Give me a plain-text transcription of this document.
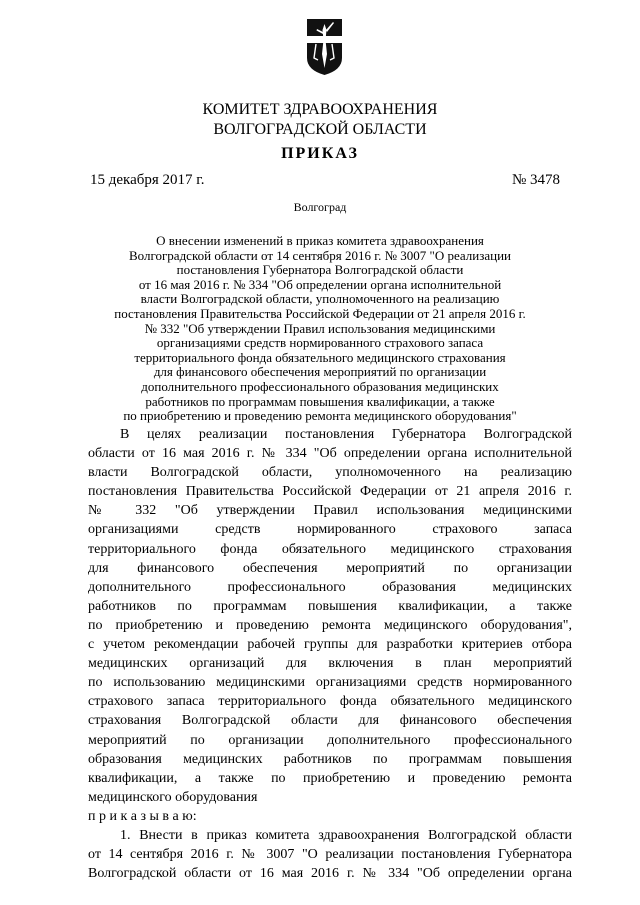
КОМИТЕТ ЗДРАВООХРАНЕНИЯ
ВОЛГОГРАДСКОЙ ОБЛАСТИ
ПРИКАЗ
15 декабря 2017 г.	№ 3478
Волгоград
О внесении изменений в приказ комитета здравоохранения
Волгоградской области от 14 сентября 2016 г. № 3007 "О реализации
постановления Губернатора Волгоградской области
от 16 мая 2016 г. № 334 "Об определении органа исполнительной
власти Волгоградской области, уполномоченного на реализацию
постановления Правительства Российской Федерации от 21 апреля 2016 г.
№ 332 "Об утверждении Правил использования медицинскими
организациями средств нормированного страхового запаса
территориального фонда обязательного медицинского страхования
для финансового обеспечения мероприятий по организации
дополнительного профессионального образования медицинских
работников по программам повышения квалификации, а также
по приобретению и проведению ремонта медицинского оборудования"

В целях реализации постановления Губернатора Волгоградской

области от 16 мая 2016 г. № 334 "Об определении органа исполнительной

власти Волгоградской области, уполномоченного на реализацию

постановления Правительства Российской Федерации от 21 апреля 2016 г.

№ 332 "Об утверждении Правил использования медицинскими

организациями средств нормированного страхового запаса

территориального фонда обязательного медицинского страхования

для финансового обеспечения мероприятий по организации

дополнительного профессионального образования медицинских

работников по программам повышения квалификации, а также

по приобретению и проведению ремонта медицинского оборудования",

с учетом рекомендации рабочей группы для разработки критериев отбора

медицинских организаций для включения в план мероприятий

по использованию медицинскими организациями средств нормированного

страхового запаса территориального фонда обязательного медицинского

страхования Волгоградской области для финансового обеспечения

мероприятий по организации дополнительного профессионального

образования медицинских работников по программам повышения

квалификации, а также по приобретению и проведению ремонта

медицинского оборудования

п р и к а з ы в а ю:

1. Внести в приказ комитета здравоохранения Волгоградской области

от 14 сентября 2016 г. № 3007 "О реализации постановления Губернатора

Волгоградской области от 16 мая 2016 г. № 334 "Об определении органа
